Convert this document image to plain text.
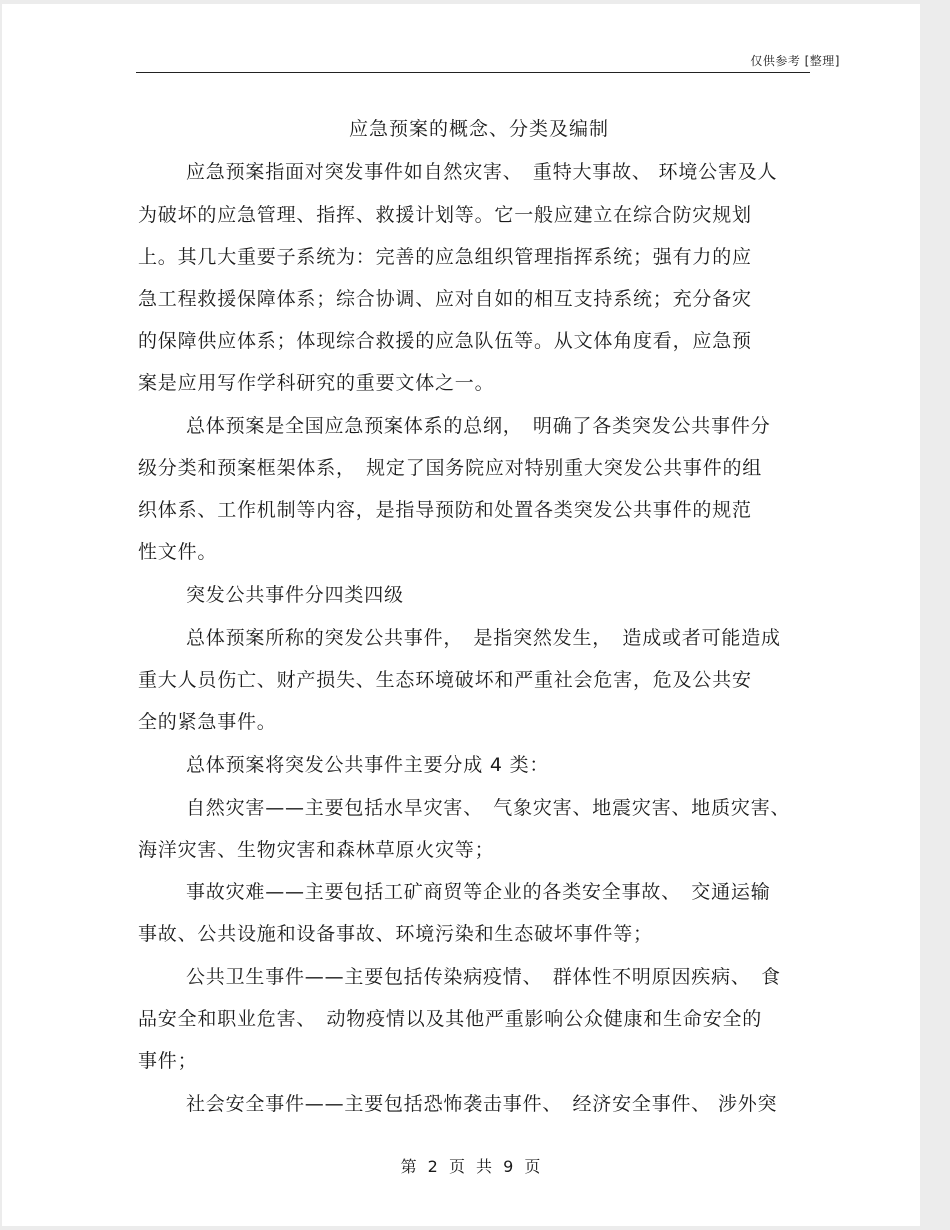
仅供参考 [整理]
应急预案的概念、分类及编制
应急预案指面对突发事件如自然灾害、　重特大事故、 环境公害及人
为破坏的应急管理、指挥、救援计划等。它一般应建立在综合防灾规划
上。其几大重要子系统为：完善的应急组织管理指挥系统；强有力的应
急工程救援保障体系；综合协调、应对自如的相互支持系统；充分备灾
的保障供应体系；体现综合救援的应急队伍等。从文体角度看，应急预
案是应用写作学科研究的重要文体之一。
总体预案是全国应急预案体系的总纲，　明确了各类突发公共事件分
级分类和预案框架体系，　规定了国务院应对特别重大突发公共事件的组
织体系、工作机制等内容，是指导预防和处置各类突发公共事件的规范
性文件。
突发公共事件分四类四级
总体预案所称的突发公共事件，　是指突然发生，　造成或者可能造成
重大人员伤亡、财产损失、生态环境破坏和严重社会危害，危及公共安
全的紧急事件。
总体预案将突发公共事件主要分成 4 类：
自然灾害——主要包括水旱灾害、　气象灾害、地震灾害、地质灾害、
海洋灾害、生物灾害和森林草原火灾等；
事故灾难——主要包括工矿商贸等企业的各类安全事故、　交通运输
事故、公共设施和设备事故、环境污染和生态破坏事件等；
公共卫生事件——主要包括传染病疫情、　群体性不明原因疾病、　食
品安全和职业危害、　动物疫情以及其他严重影响公众健康和生命安全的
事件；
社会安全事件——主要包括恐怖袭击事件、　经济安全事件、 涉外突
第 2 页 共 9 页
